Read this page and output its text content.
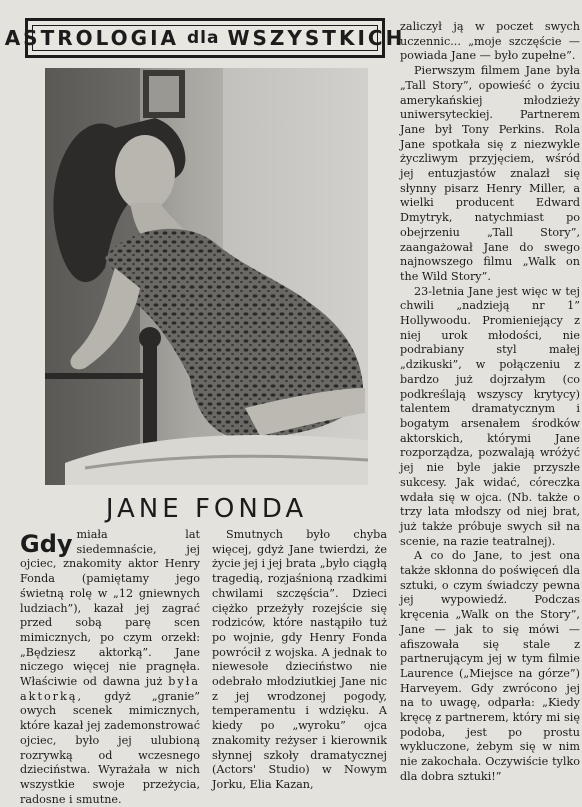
ASTROLOGIA dla WSZYSTKICH
JANE FONDA

Gdy miała lat siedemnaście, jej ojciec, znakomity aktor Henry Fonda (pamiętamy jego świetną rolę w „12 gniewnych ludziach”), kazał jej zagrać przed sobą parę scen mimicznych, po czym orzekł: „Będziesz aktorką”. Jane niczego więcej nie pragnęła. Właściwie od dawna już była aktorką, gdyż „granie” owych scenek mimicznych, które kazał jej zademonstrować ojciec, było jej ulubioną rozrywką od wczesnego dzieciństwa. Wyrażała w nich wszystkie swoje przeżycia, radosne i smutne.

Smutnych było chyba więcej, gdyż Jane twierdzi, że życie jej i jej brata „było ciągłą tragedią, rozjaśnioną rzadkimi chwilami szczęścia”. Dzieci ciężko przeżyły rozejście się rodziców, które nastąpiło tuż po wojnie, gdy Henry Fonda powrócił z wojska. A jednak to niewesołe dzieciństwo nie odebrało młodziutkiej Jane nic z jej wrodzonej pogody, temperamentu i wdzięku. A kiedy po „wyroku” ojca znakomity reżyser i kierownik słynnej szkoły dramatycznej (Actors' Studio) w Nowym Jorku, Elia Kazan,

zaliczył ją w poczet swych uczennic... „moje szczęście — powiada Jane — było zupełne”.

Pierwszym filmem Jane była „Tall Story”, opowieść o życiu amerykańskiej młodzieży uniwersyteckiej. Partnerem Jane był Tony Perkins. Rola Jane spotkała się z niezwykle życzliwym przyjęciem, wśród jej entuzjastów znalazł się słynny pisarz Henry Miller, a wielki producent Edward Dmytryk, natychmiast po obejrzeniu „Tall Story”, zaangażował Jane do swego najnowszego filmu „Walk on the Wild Story”.

23-letnia Jane jest więc w tej chwili „nadzieją nr 1” Hollywoodu. Promieniejący z niej urok młodości, nie podrabiany styl małej „dzikuski”, w połączeniu z bardzo już dojrzałym (co podkreślają wszyscy krytycy) talentem dramatycznym i bogatym arsenałem środków aktorskich, którymi Jane rozporządza, pozwalają wróżyć jej nie byle jakie przyszłe sukcesy. Jak widać, córeczka wdała się w ojca. (Nb. także o trzy lata młodszy od niej brat, już także próbuje swych sił na scenie, na razie teatralnej).

A co do Jane, to jest ona także skłonna do poświęceń dla sztuki, o czym świadczy pewna jej wypowiedź. Podczas kręcenia „Walk on the Story”, Jane — jak to się mówi — afiszowała się stale z partnerującym jej w tym filmie Laurence („Miejsce na górze”) Harveyem. Gdy zwrócono jej na to uwagę, odparła: „Kiedy kręcę z partnerem, który mi się podoba, jest po prostu wykluczone, żebym się w nim nie zakochała. Oczywiście tylko dla dobra sztuki!”
